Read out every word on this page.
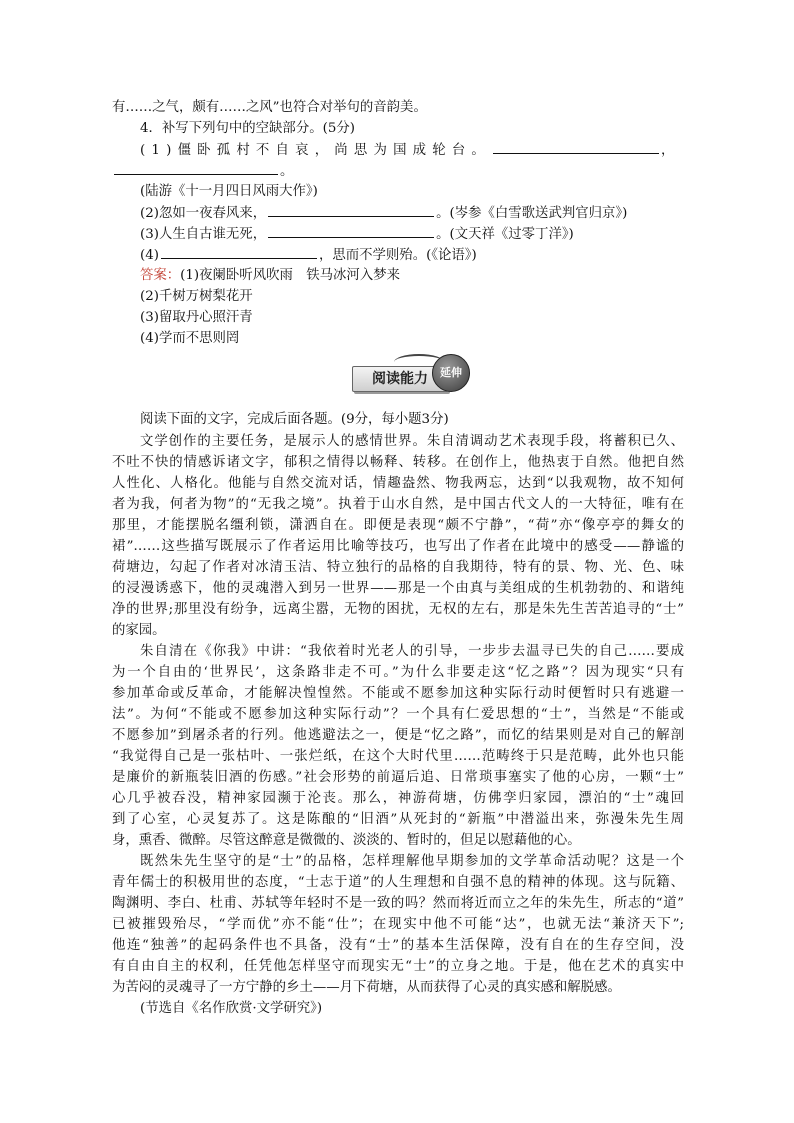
有……之气，颇有……之风”也符合对举句的音韵美。
4．补写下列句中的空缺部分。(5分)
(1)僵卧孤村不自哀，尚思为国成轮台。	，
。
(陆游《十一月四日风雨大作》)
(2)忽如一夜春风来，	。(岑参《白雪歌送武判官归京》)
(3)人生自古谁无死，	。(文天祥《过零丁洋》)
(4)	，思而不学则殆。(《论语》)
答案：(1)夜阑卧听风吹雨　铁马冰河入梦来
(2)千树万树梨花开
(3)留取丹心照汗青
(4)学而不思则罔
阅读能力	延伸
阅读下面的文字，完成后面各题。(9分，每小题3分)
文学创作的主要任务，是展示人的感情世界。朱自清调动艺术表现手段，将蓄积已久、
不吐不快的情感诉诸文字，郁积之情得以畅释、转移。在创作上，他热衷于自然。他把自然
人性化、人格化。他能与自然交流对话，情趣盎然、物我两忘，达到“以我观物，故不知何
者为我，何者为物”的“无我之境”。执着于山水自然，是中国古代文人的一大特征，唯有在
那里，才能摆脱名缰利锁，潇洒自在。即便是表现“颇不宁静”，“荷”亦“像亭亭的舞女的
裙”……这些描写既展示了作者运用比喻等技巧，也写出了作者在此境中的感受——静谧的
荷塘边，勾起了作者对冰清玉洁、特立独行的品格的自我期待，特有的景、物、光、色、味
的浸漫诱惑下，他的灵魂潜入到另一世界——那是一个由真与美组成的生机勃勃的、和谐纯
净的世界;那里没有纷争，远离尘嚣，无物的困扰，无权的左右，那是朱先生苦苦追寻的“士”
的家园。
朱自清在《你我》中讲：“我依着时光老人的引导，一步步去温寻已失的自己……要成
为一个自由的‘世界民’，这条路非走不可。”为什么非要走这“忆之路”？因为现实“只有
参加革命或反革命，才能解决惶惶然。不能或不愿参加这种实际行动时便暂时只有逃避一
法”。为何“不能或不愿参加这种实际行动”？一个具有仁爱思想的“士”，当然是“不能或
不愿参加”到屠杀者的行列。他逃避法之一，便是“忆之路”，而忆的结果则是对自己的解剖
“我觉得自己是一张枯叶、一张烂纸，在这个大时代里……范畴终于只是范畴，此外也只能
是廉价的新瓶装旧酒的伤感。”社会形势的前逼后追、日常琐事塞实了他的心房，一颗“士”
心几乎被吞没，精神家园濒于沦丧。那么，神游荷塘，仿佛孪归家园，漂泊的“士”魂回
到了心室，心灵复苏了。这是陈酿的“旧酒”从死封的“新瓶”中潜溢出来，弥漫朱先生周
身，熏香、微醉。尽管这醉意是微微的、淡淡的、暂时的，但足以慰藉他的心。
既然朱先生坚守的是“士”的品格，怎样理解他早期参加的文学革命活动呢？这是一个
青年儒士的积极用世的态度，“士志于道”的人生理想和自强不息的精神的体现。这与阮籍、
陶渊明、李白、杜甫、苏轼等年轻时不是一致的吗？然而将近而立之年的朱先生，所志的“道”
已被摧毁殆尽，“学而优”亦不能“仕”；在现实中他不可能“达”，也就无法“兼济天下”;
他连“独善”的起码条件也不具备，没有“士”的基本生活保障，没有自在的生存空间，没
有自由自主的权利，任凭他怎样坚守而现实无“士”的立身之地。于是，他在艺术的真实中
为苦闷的灵魂寻了一方宁静的乡土——月下荷塘，从而获得了心灵的真实感和解脱感。
(节选自《名作欣赏·文学研究》)
